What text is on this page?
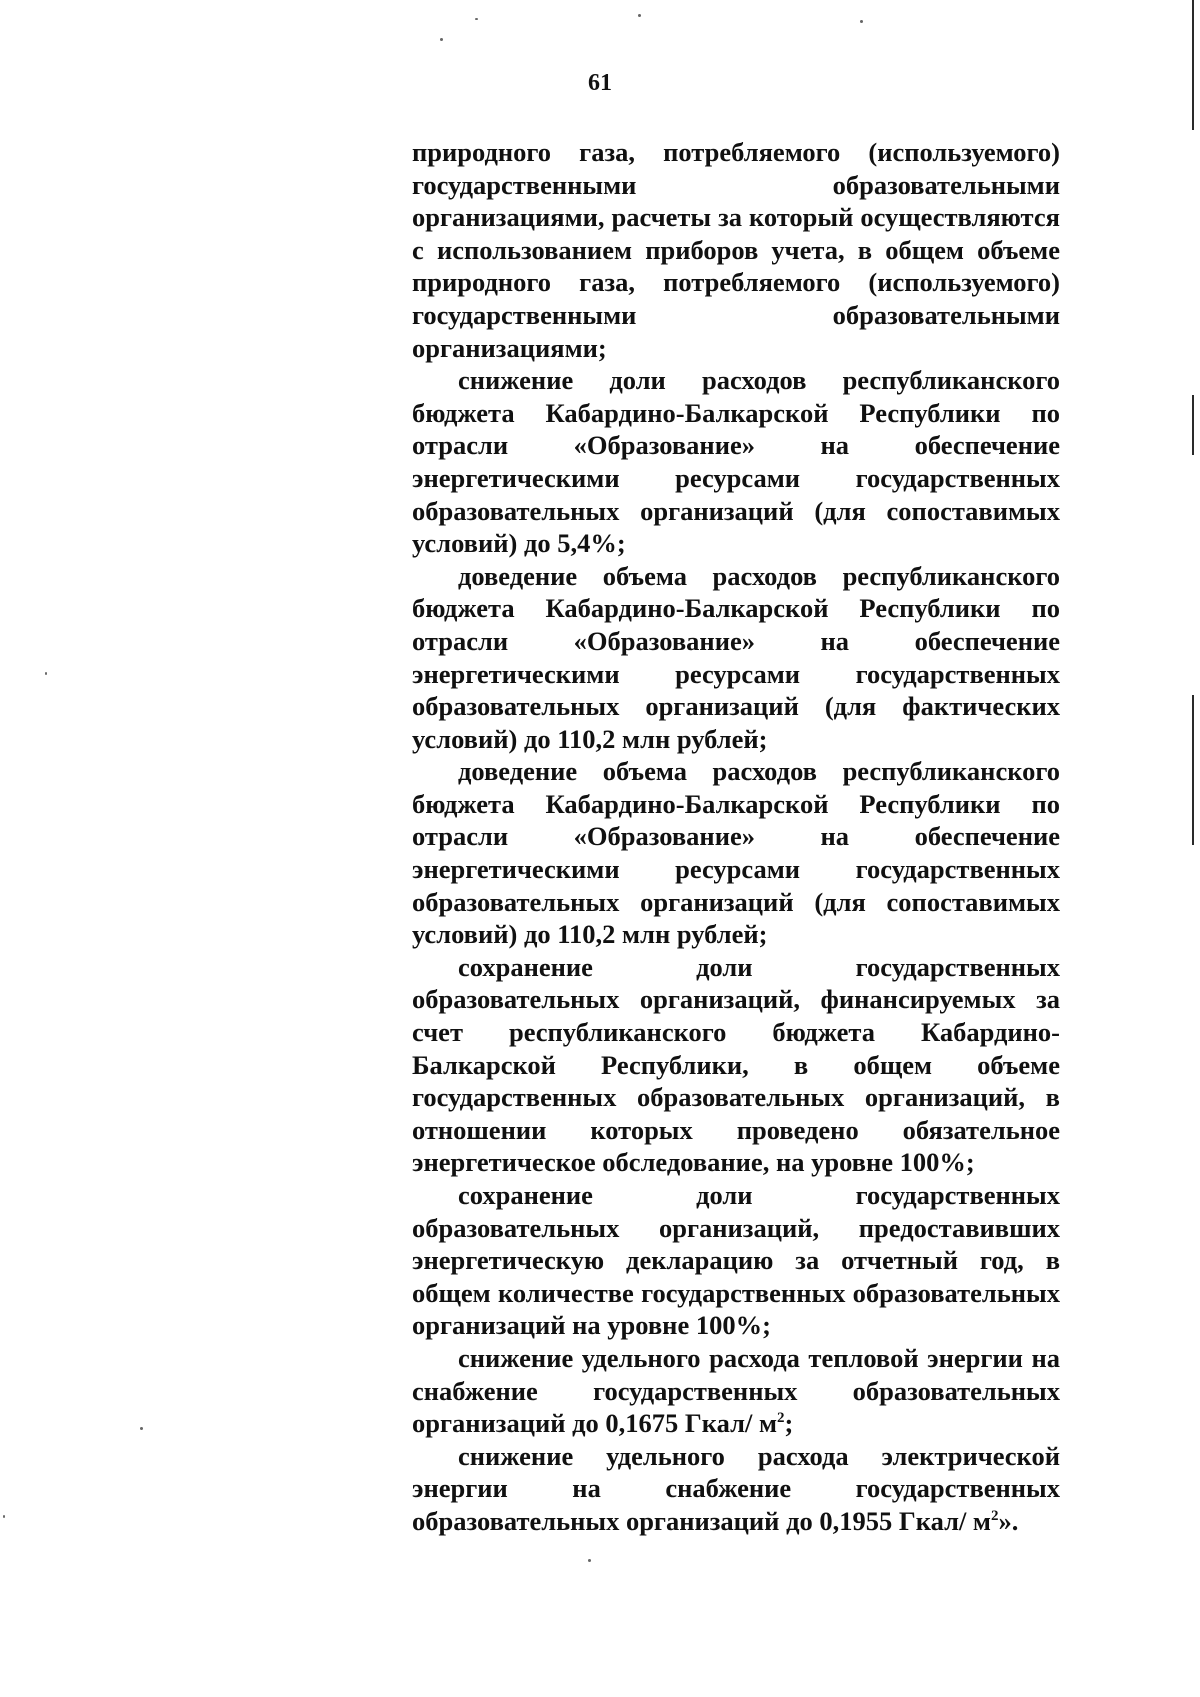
61

природного газа, потребляемого (используемого) государственными образовательными организациями, расчеты за который осуществляются с использованием приборов учета, в общем объеме природного газа, потребляемого (используемого) государственными образовательными организациями;

снижение доли расходов республиканского бюджета Кабардино-Балкарской Республики по отрасли «Образование» на обеспечение энергетическими ресурсами государственных образовательных организаций (для сопоставимых условий) до 5,4%;

доведение объема расходов республиканского бюджета Кабардино-Балкарской Республики по отрасли «Образование» на обеспечение энергетическими ресурсами государственных образовательных организаций (для фактических условий) до 110,2 млн рублей;

доведение объема расходов республиканского бюджета Кабардино-Балкарской Республики по отрасли «Образование» на обеспечение энергетическими ресурсами государственных образовательных организаций (для сопоставимых условий) до 110,2 млн рублей;

сохранение доли государственных образовательных организаций, финансируемых за счет республиканского бюджета Кабардино-Балкарской Республики, в общем объеме государственных образовательных организаций, в отношении которых проведено обязательное энергетическое обследование, на уровне 100%;

сохранение доли государственных образовательных организаций, предоставивших энергетическую декларацию за отчетный год, в общем количестве государственных образовательных организаций на уровне 100%;

снижение удельного расхода тепловой энергии на снабжение государственных образовательных организаций до 0,1675 Гкал/ $м^2$;

снижение удельного расхода электрической энергии на снабжение государственных образовательных организаций до 0,1955 Гкал/ $м^2$».
